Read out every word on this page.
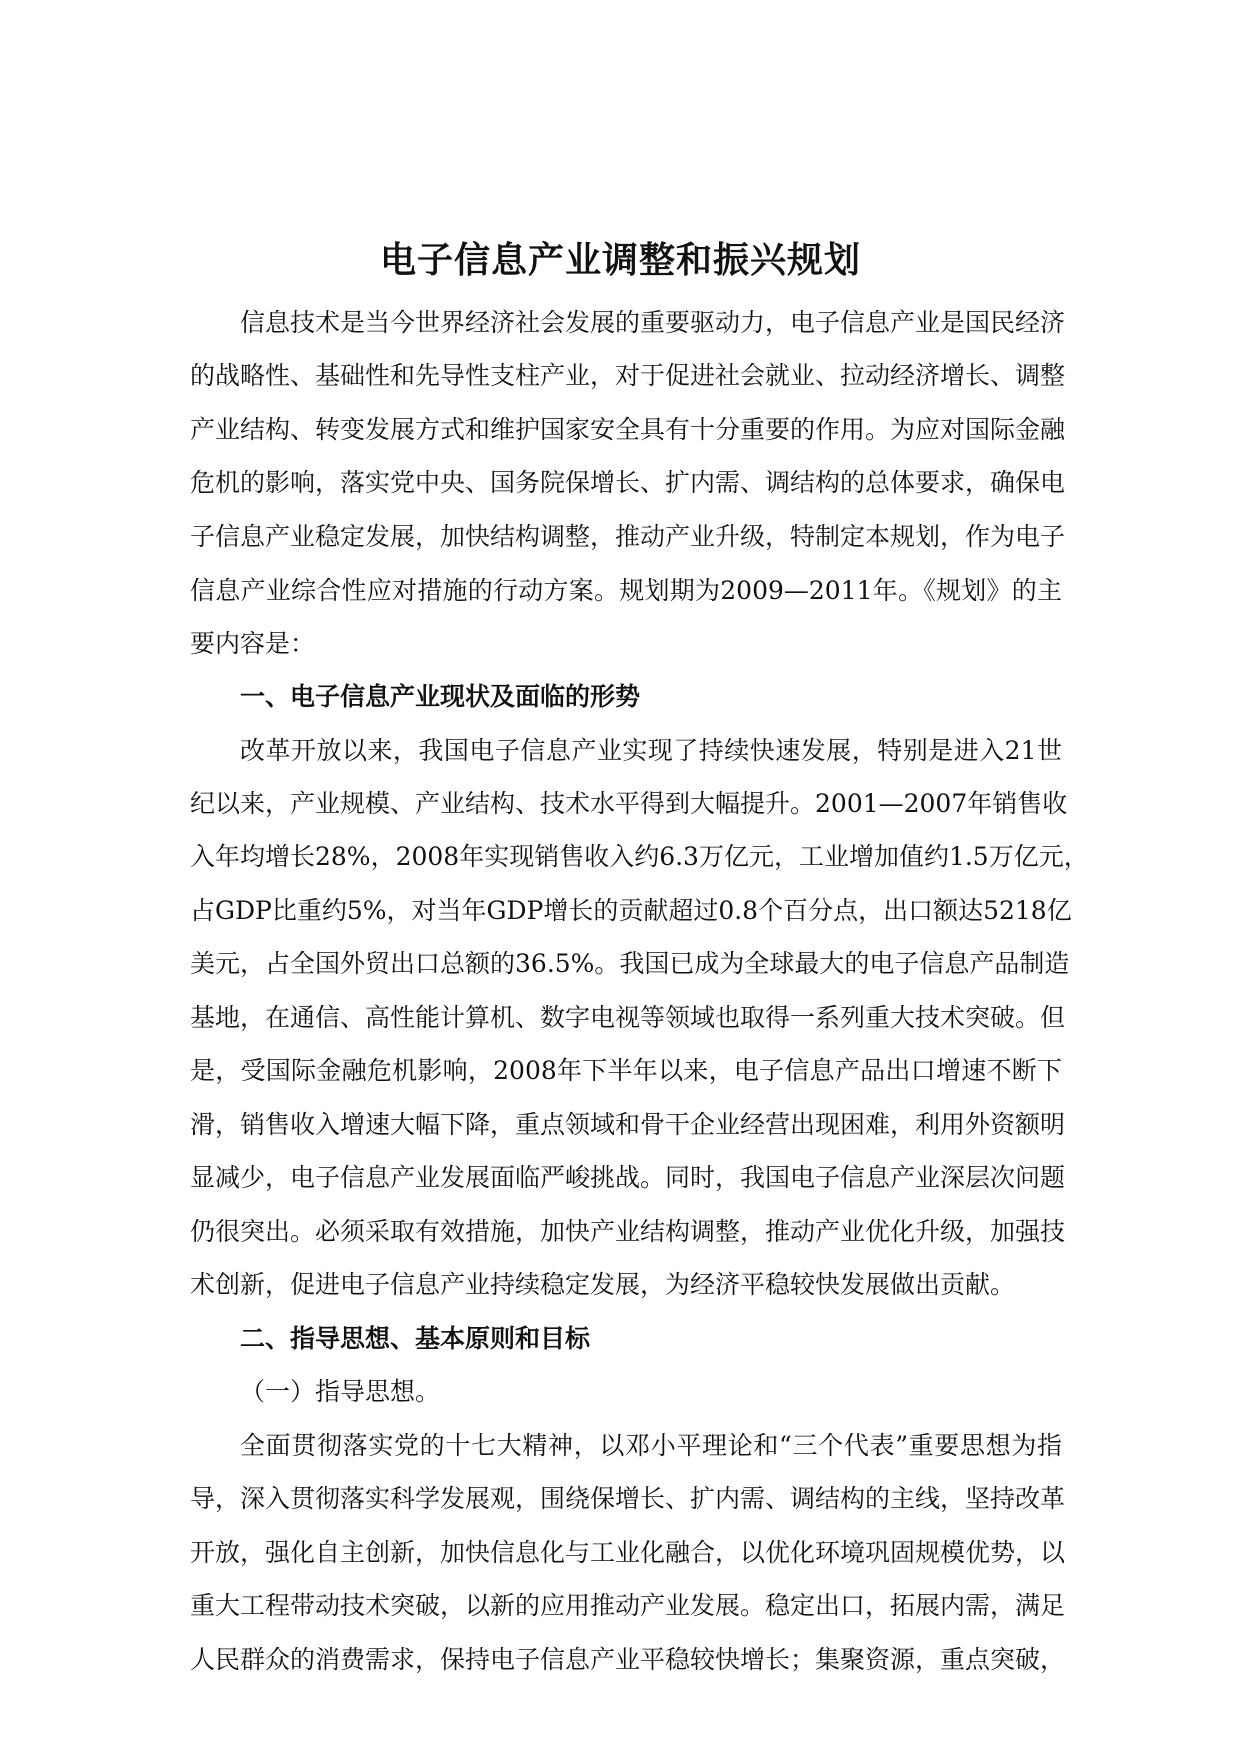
电子信息产业调整和振兴规划

信息技术是当今世界经济社会发展的重要驱动力，电子信息产业是国民经济

的战略性、基础性和先导性支柱产业，对于促进社会就业、拉动经济增长、调整

产业结构、转变发展方式和维护国家安全具有十分重要的作用。为应对国际金融

危机的影响，落实党中央、国务院保增长、扩内需、调结构的总体要求，确保电

子信息产业稳定发展，加快结构调整，推动产业升级，特制定本规划，作为电子

信息产业综合性应对措施的行动方案。规划期为2009—2011年。《规划》的主

要内容是：

一、电子信息产业现状及面临的形势

改革开放以来，我国电子信息产业实现了持续快速发展，特别是进入21世

纪以来，产业规模、产业结构、技术水平得到大幅提升。2001—2007年销售收

入年均增长28%，2008年实现销售收入约6.3万亿元，工业增加值约1.5万亿元，

占GDP比重约5%，对当年GDP增长的贡献超过0.8个百分点，出口额达5218亿

美元，占全国外贸出口总额的36.5%。我国已成为全球最大的电子信息产品制造

基地，在通信、高性能计算机、数字电视等领域也取得一系列重大技术突破。但

是，受国际金融危机影响，2008年下半年以来，电子信息产品出口增速不断下

滑，销售收入增速大幅下降，重点领域和骨干企业经营出现困难，利用外资额明

显减少，电子信息产业发展面临严峻挑战。同时，我国电子信息产业深层次问题

仍很突出。必须采取有效措施，加快产业结构调整，推动产业优化升级，加强技

术创新，促进电子信息产业持续稳定发展，为经济平稳较快发展做出贡献。

二、指导思想、基本原则和目标

（一）指导思想。

全面贯彻落实党的十七大精神，以邓小平理论和“三个代表”重要思想为指

导，深入贯彻落实科学发展观，围绕保增长、扩内需、调结构的主线，坚持改革

开放，强化自主创新，加快信息化与工业化融合，以优化环境巩固规模优势，以

重大工程带动技术突破，以新的应用推动产业发展。稳定出口，拓展内需，满足

人民群众的消费需求，保持电子信息产业平稳较快增长；集聚资源，重点突破，
